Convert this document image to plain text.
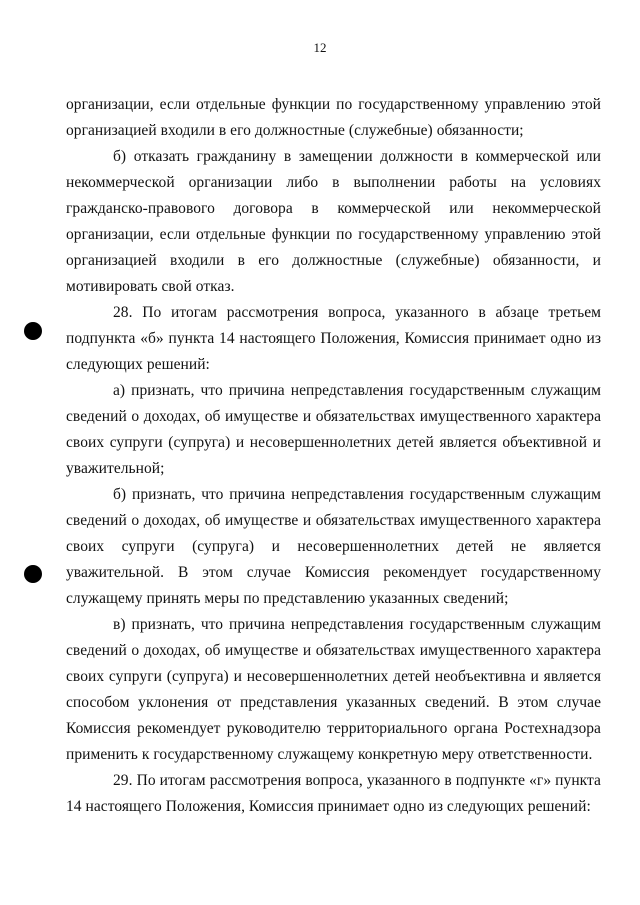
12

организации, если отдельные функции по государственному управлению этой организацией входили в его должностные (служебные) обязанности;

б) отказать гражданину в замещении должности в коммерческой или некоммерческой организации либо в выполнении работы на условиях гражданско-правового договора в коммерческой или некоммерческой организации, если отдельные функции по государственному управлению этой организацией входили в его должностные (служебные) обязанности, и мотивировать свой отказ.

28. По итогам рассмотрения вопроса, указанного в абзаце третьем подпункта «б» пункта 14 настоящего Положения, Комиссия принимает одно из следующих решений:

а) признать, что причина непредставления государственным служащим сведений о доходах, об имуществе и обязательствах имущественного характера своих супруги (супруга) и несовершеннолетних детей является объективной и уважительной;

б) признать, что причина непредставления государственным служащим сведений о доходах, об имуществе и обязательствах имущественного характера своих супруги (супруга) и несовершеннолетних детей не является уважительной. В этом случае Комиссия рекомендует государственному служащему принять меры по представлению указанных сведений;

в) признать, что причина непредставления государственным служащим сведений о доходах, об имуществе и обязательствах имущественного характера своих супруги (супруга) и несовершеннолетних детей необъективна и является способом уклонения от представления указанных сведений. В этом случае Комиссия рекомендует руководителю территориального органа Ростехнадзора применить к государственному служащему конкретную меру ответственности.

29. По итогам рассмотрения вопроса, указанного в подпункте «г» пункта 14 настоящего Положения, Комиссия принимает одно из следующих решений:
